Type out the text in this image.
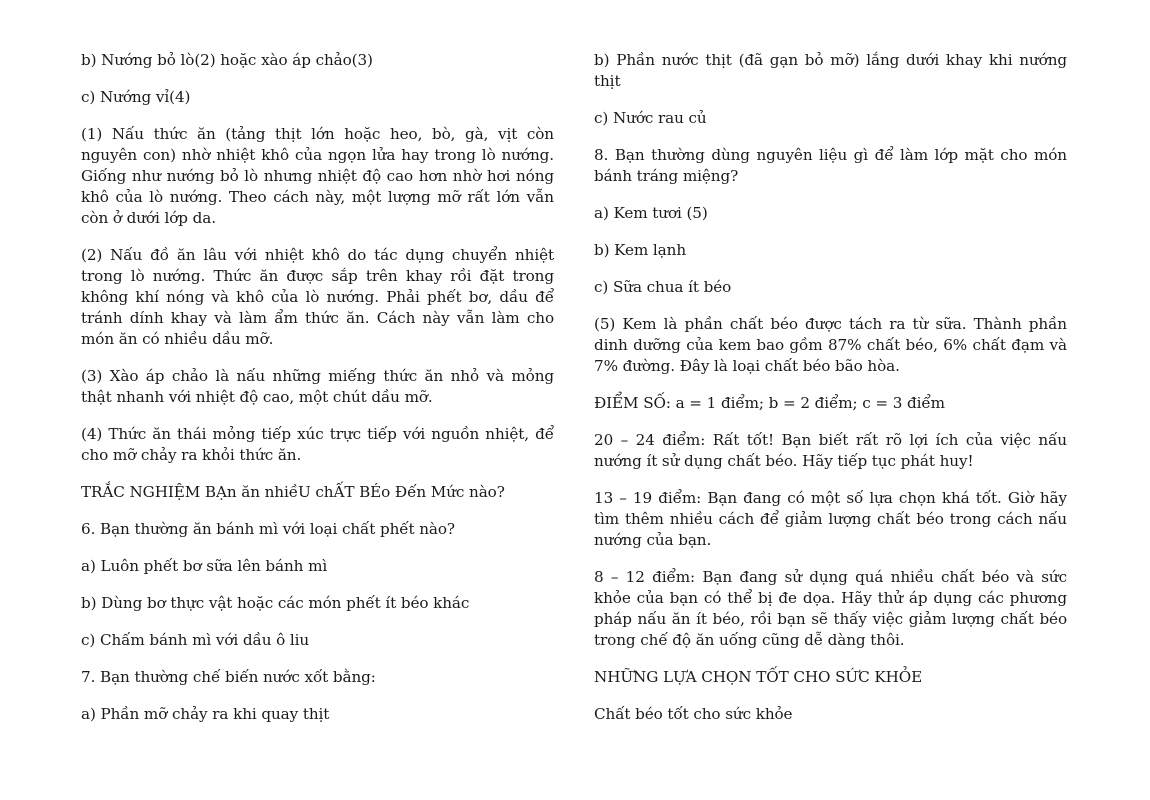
b) Nướng bỏ lò(2) hoặc xào áp chảo(3)

c) Nướng vỉ(4)

(1) Nấu thức ăn (tảng thịt lớn hoặc heo, bò, gà, vịt còn nguyên con) nhờ nhiệt khô của ngọn lửa hay trong lò nướng. Giống như nướng bỏ lò nhưng nhiệt độ cao hơn nhờ hơi nóng khô của lò nướng. Theo cách này, một lượng mỡ rất lớn vẫn còn ở dưới lớp da.

(2) Nấu đồ ăn lâu với nhiệt khô do tác dụng chuyển nhiệt trong lò nướng. Thức ăn được sắp trên khay rồi đặt trong không khí nóng và khô của lò nướng. Phải phết bơ, dầu để tránh dính khay và làm ẩm thức ăn. Cách này vẫn làm cho món ăn có nhiều dầu mỡ.

(3) Xào áp chảo là nấu những miếng thức ăn nhỏ và mỏng thật nhanh với nhiệt độ cao, một chút dầu mỡ.

(4) Thức ăn thái mỏng tiếp xúc trực tiếp với nguồn nhiệt, để cho mỡ chảy ra khỏi thức ăn.

TRẮC NGHIỆM BẠn ăn nhiềU chẤT BÉo Đến Mức nào?

6. Bạn thường ăn bánh mì với loại chất phết nào?

a) Luôn phết bơ sữa lên bánh mì

b) Dùng bơ thực vật hoặc các món phết ít béo khác

c) Chấm bánh mì với dầu ô liu

7. Bạn thường chế biến nước xốt bằng:

a) Phần mỡ chảy ra khi quay thịt

b) Phần nước thịt (đã gạn bỏ mỡ) lắng dưới khay khi nướng thịt

c) Nước rau củ

8. Bạn thường dùng nguyên liệu gì để làm lớp mặt cho món bánh tráng miệng?

a) Kem tươi (5)

b) Kem lạnh

c) Sữa chua ít béo

(5) Kem là phần chất béo được tách ra từ sữa. Thành phần dinh dưỡng của kem bao gồm 87% chất béo, 6% chất đạm và 7% đường. Đây là loại chất béo bão hòa.

ĐIỂM SỐ: a = 1 điểm; b = 2 điểm; c = 3 điểm

20 – 24 điểm: Rất tốt! Bạn biết rất rõ lợi ích của việc nấu nướng ít sử dụng chất béo. Hãy tiếp tục phát huy!

13 – 19 điểm: Bạn đang có một số lựa chọn khá tốt. Giờ hãy tìm thêm nhiều cách để giảm lượng chất béo trong cách nấu nướng của bạn.

8 – 12 điểm: Bạn đang sử dụng quá nhiều chất béo và sức khỏe của bạn có thể bị đe dọa. Hãy thử áp dụng các phương pháp nấu ăn ít béo, rồi bạn sẽ thấy việc giảm lượng chất béo trong chế độ ăn uống cũng dễ dàng thôi.

NHỮNG LỰA CHỌN TỐT CHO SỨC KHỎE

Chất béo tốt cho sức khỏe
